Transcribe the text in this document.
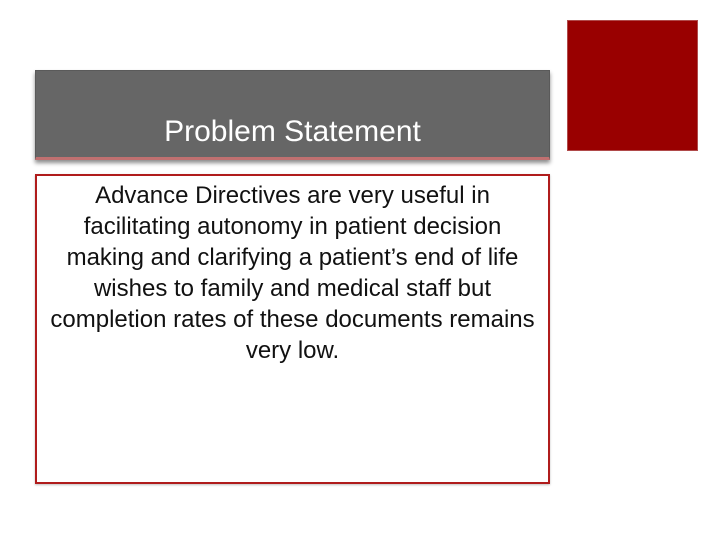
Problem Statement

Advance Directives are very useful in facilitating autonomy in patient decision making and clarifying a patient’s end of life wishes to family and medical staff but completion rates of these documents remains very low.
